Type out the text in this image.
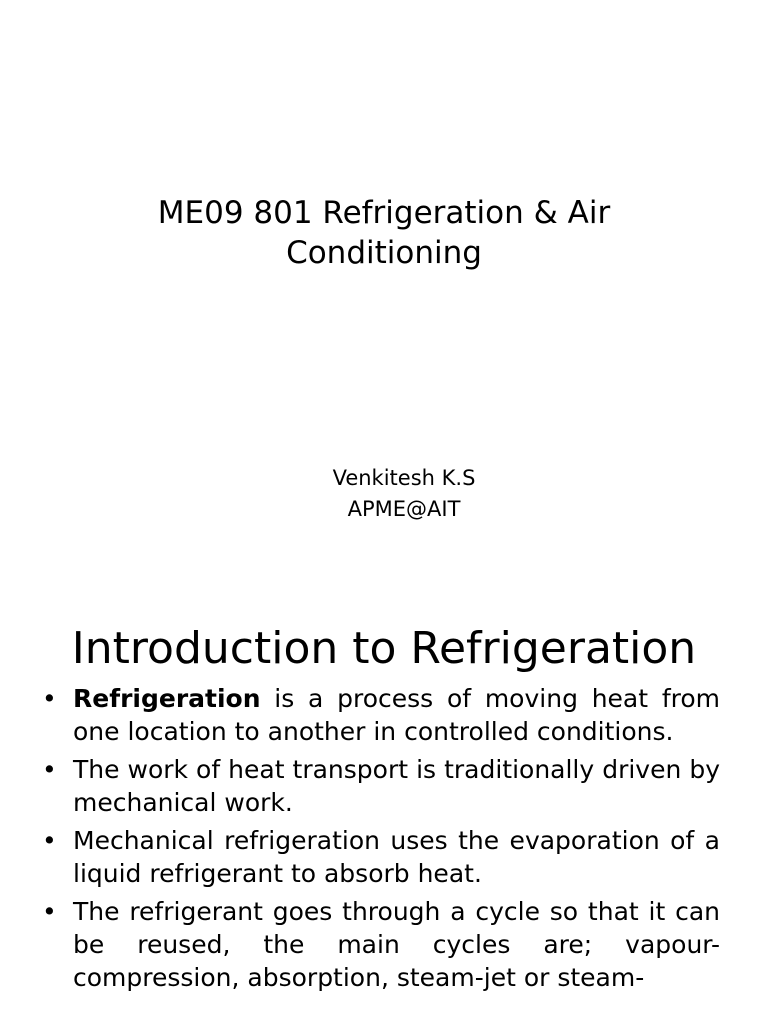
ME09 801 Refrigeration & Air
Conditioning
Venkitesh K.S
APME@AIT
Introduction to Refrigeration
• Refrigeration is a process of moving heat from one location to another in controlled conditions.
• The work of heat transport is traditionally driven by mechanical work.
• Mechanical refrigeration uses the evaporation of a liquid refrigerant to absorb heat.
• The refrigerant goes through a cycle so that it can be reused, the main cycles are; vapour-compression, absorption, steam-jet or steam-
